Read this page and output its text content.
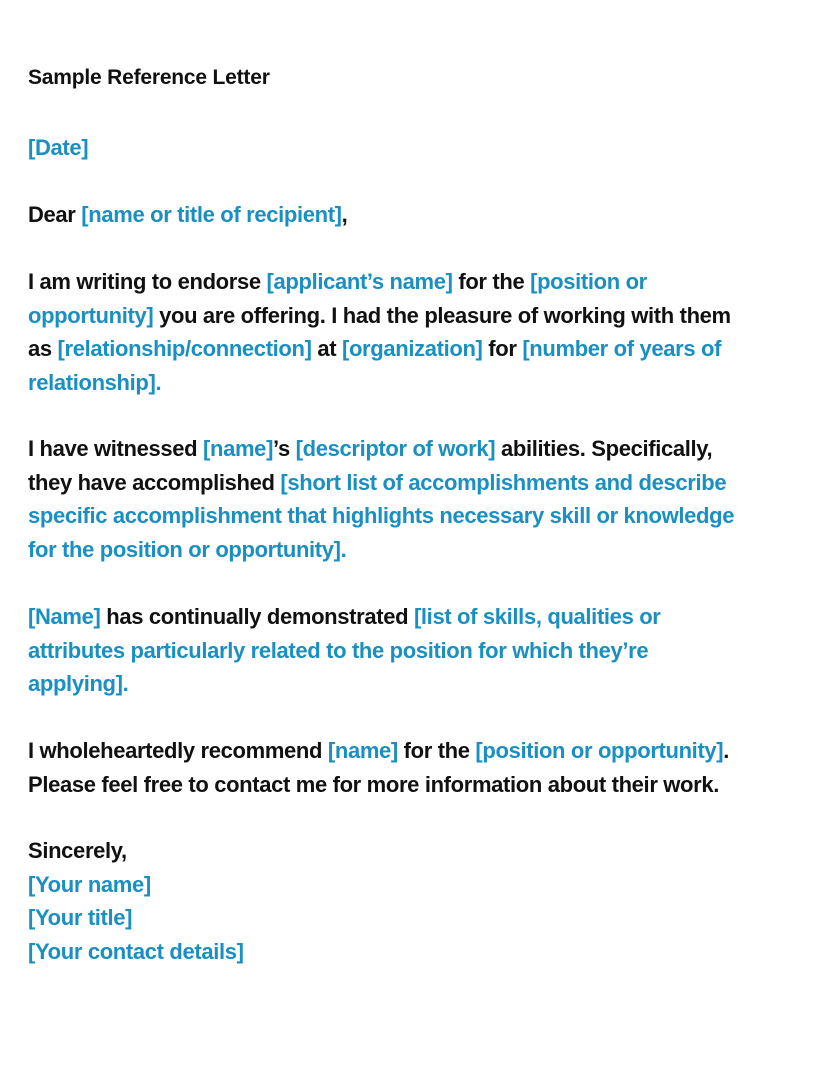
Sample Reference Letter
[Date]
Dear [name or title of recipient],
I am writing to endorse [applicant’s name] for the [position or
opportunity] you are offering. I had the pleasure of working with them
as [relationship/connection] at [organization] for [number of years of
relationship].
I have witnessed [name]’s [descriptor of work] abilities. Specifically,
they have accomplished [short list of accomplishments and describe
specific accomplishment that highlights necessary skill or knowledge
for the position or opportunity].
[Name] has continually demonstrated [list of skills, qualities or
attributes particularly related to the position for which they’re
applying].
I wholeheartedly recommend [name] for the [position or opportunity].
Please feel free to contact me for more information about their work.
Sincerely,
[Your name]
[Your title]
[Your contact details]
